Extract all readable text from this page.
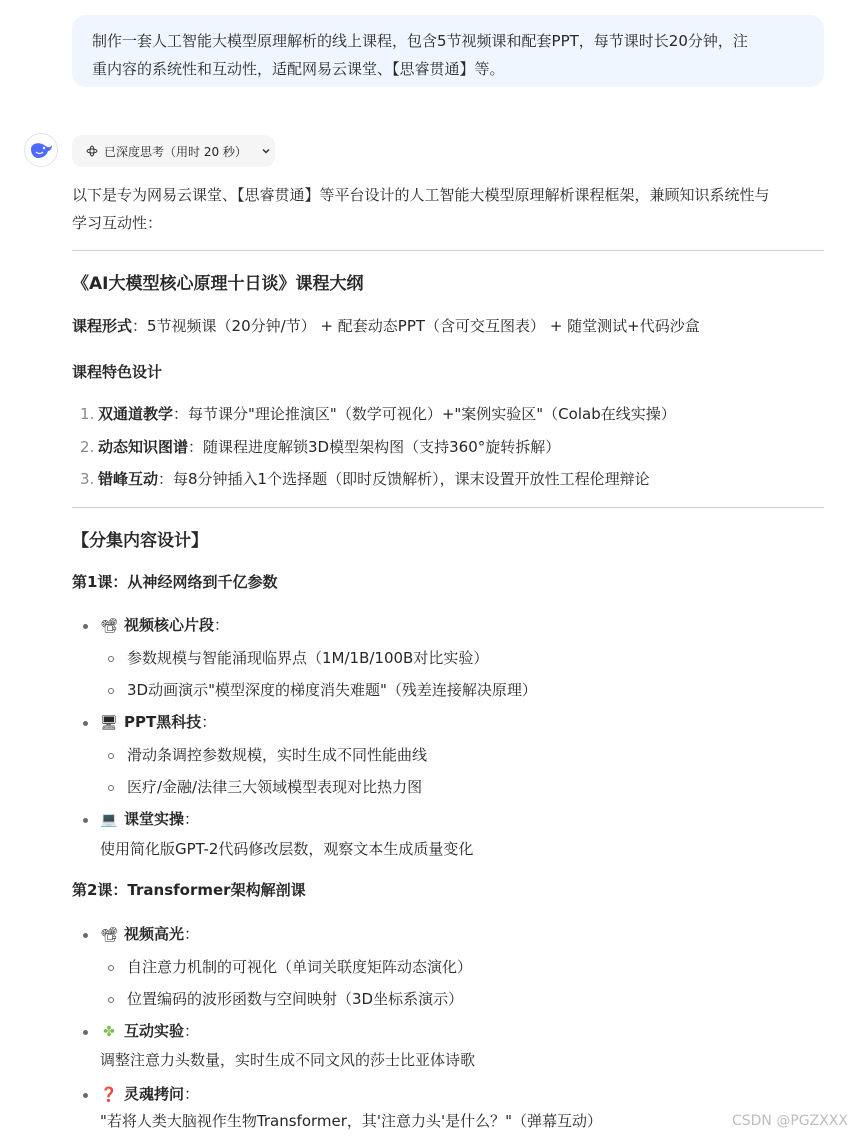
制作一套人工智能大模型原理解析的线上课程，包含5节视频课和配套PPT，每节课时长20分钟，注
重内容的系统性和互动性，适配网易云课堂、【思睿贯通】等。
已深度思考（用时 20 秒）
以下是专为网易云课堂、【思睿贯通】等平台设计的人工智能大模型原理解析课程框架，兼顾知识系统性与
学习互动性：
《AI大模型核心原理十日谈》课程大纲
课程形式：5节视频课（20分钟/节） + 配套动态PPT（含可交互图表） + 随堂测试+代码沙盒
课程特色设计
1. 双通道教学：每节课分"理论推演区"（数学可视化）+"案例实验区"（Colab在线实操）
2. 动态知识图谱：随课程进度解锁3D模型架构图（支持360°旋转拆解）
3. 错峰互动：每8分钟插入1个选择题（即时反馈解析），课末设置开放性工程伦理辩论
【分集内容设计】
第1课：从神经网络到千亿参数
📽 视频核心片段：
参数规模与智能涌现临界点（1M/1B/100B对比实验）
3D动画演示"模型深度的梯度消失难题"（残差连接解决原理）
🖥 PPT黑科技：
滑动条调控参数规模，实时生成不同性能曲线
医疗/金融/法律三大领域模型表现对比热力图
💻 课堂实操：
使用简化版GPT-2代码修改层数，观察文本生成质量变化
第2课：Transformer架构解剖课
📽 视频高光：
自注意力机制的可视化（单词关联度矩阵动态演化）
位置编码的波形函数与空间映射（3D坐标系演示）
✤ 互动实验：
调整注意力头数量，实时生成不同文风的莎士比亚体诗歌
❓ 灵魂拷问：
"若将人类大脑视作生物Transformer，其'注意力头'是什么？"（弹幕互动）	CSDN @PGZXXX
